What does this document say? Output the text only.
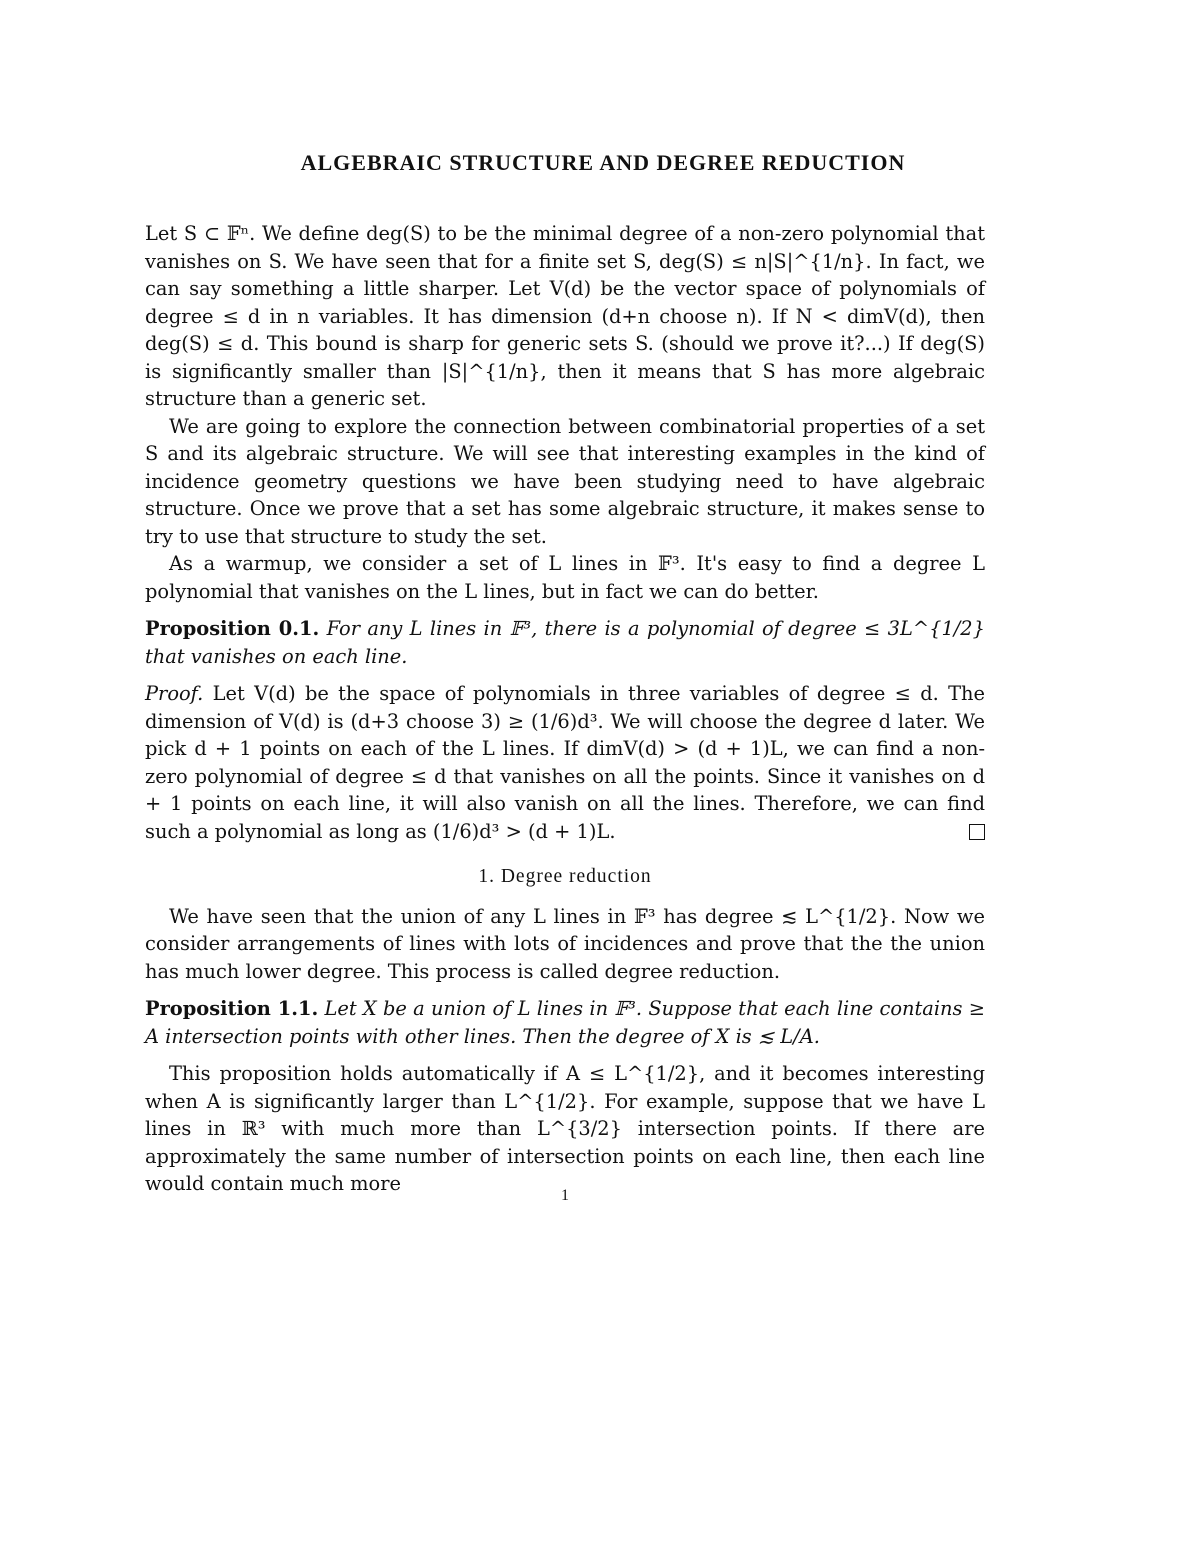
ALGEBRAIC STRUCTURE AND DEGREE REDUCTION

Let S ⊂ 𝔽ⁿ. We define deg(S) to be the minimal degree of a non-zero polynomial that vanishes on S. We have seen that for a finite set S, deg(S) ≤ n|S|^{1/n}. In fact, we can say something a little sharper. Let V(d) be the vector space of polynomials of degree ≤ d in n variables. It has dimension (d+n choose n). If N < dimV(d), then deg(S) ≤ d. This bound is sharp for generic sets S. (should we prove it?...) If deg(S) is significantly smaller than |S|^{1/n}, then it means that S has more algebraic structure than a generic set.

We are going to explore the connection between combinatorial properties of a set S and its algebraic structure. We will see that interesting examples in the kind of incidence geometry questions we have been studying need to have algebraic structure. Once we prove that a set has some algebraic structure, it makes sense to try to use that structure to study the set.

As a warmup, we consider a set of L lines in 𝔽³. It's easy to find a degree L polynomial that vanishes on the L lines, but in fact we can do better.

Proposition 0.1. For any L lines in 𝔽³, there is a polynomial of degree ≤ 3L^{1/2} that vanishes on each line.

Proof. Let V(d) be the space of polynomials in three variables of degree ≤ d. The dimension of V(d) is (d+3 choose 3) ≥ (1/6)d³. We will choose the degree d later. We pick d + 1 points on each of the L lines. If dimV(d) > (d + 1)L, we can find a non-zero polynomial of degree ≤ d that vanishes on all the points. Since it vanishes on d + 1 points on each line, it will also vanish on all the lines. Therefore, we can find such a polynomial as long as (1/6)d³ > (d + 1)L.

1. Degree reduction

We have seen that the union of any L lines in 𝔽³ has degree ≲ L^{1/2}. Now we consider arrangements of lines with lots of incidences and prove that the the union has much lower degree. This process is called degree reduction.

Proposition 1.1. Let X be a union of L lines in 𝔽³. Suppose that each line contains ≥ A intersection points with other lines. Then the degree of X is ≲ L/A.

This proposition holds automatically if A ≤ L^{1/2}, and it becomes interesting when A is significantly larger than L^{1/2}. For example, suppose that we have L lines in ℝ³ with much more than L^{3/2} intersection points. If there are approximately the same number of intersection points on each line, then each line would contain much more

1
